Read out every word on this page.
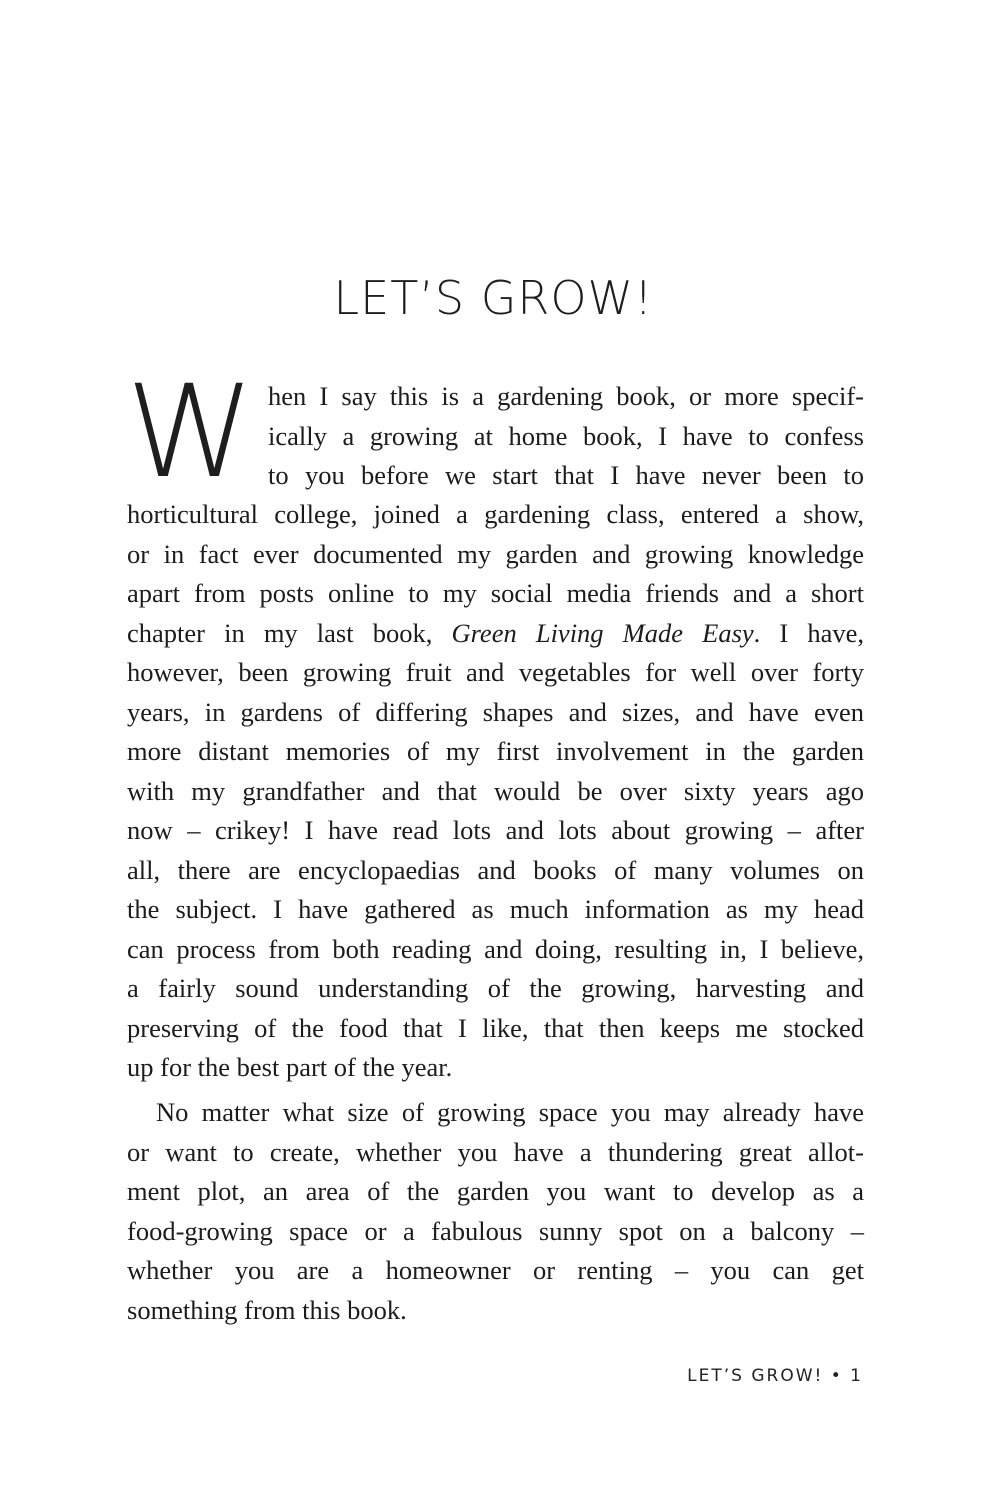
LET’S GROW!
W hen I say this is a gardening book, or more specif-
ically a growing at home book, I have to confess
to you before we start that I have never been to
horticultural college, joined a gardening class, entered a show,
or in fact ever documented my garden and growing knowledge
apart from posts online to my social media friends and a short
chapter in my last book, Green Living Made Easy. I have,
however, been growing fruit and vegetables for well over forty
years, in gardens of differing shapes and sizes, and have even
more distant memories of my first involvement in the garden
with my grandfather and that would be over sixty years ago
now – crikey! I have read lots and lots about growing – after
all, there are encyclopaedias and books of many volumes on
the subject. I have gathered as much information as my head
can process from both reading and doing, resulting in, I believe,
a fairly sound understanding of the growing, harvesting and
preserving of the food that I like, that then keeps me stocked
up for the best part of the year.
No matter what size of growing space you may already have
or want to create, whether you have a thundering great allot-
ment plot, an area of the garden you want to develop as a
food-growing space or a fabulous sunny spot on a balcony –
whether you are a homeowner or renting – you can get
something from this book.
LET’S GROW! • 1
